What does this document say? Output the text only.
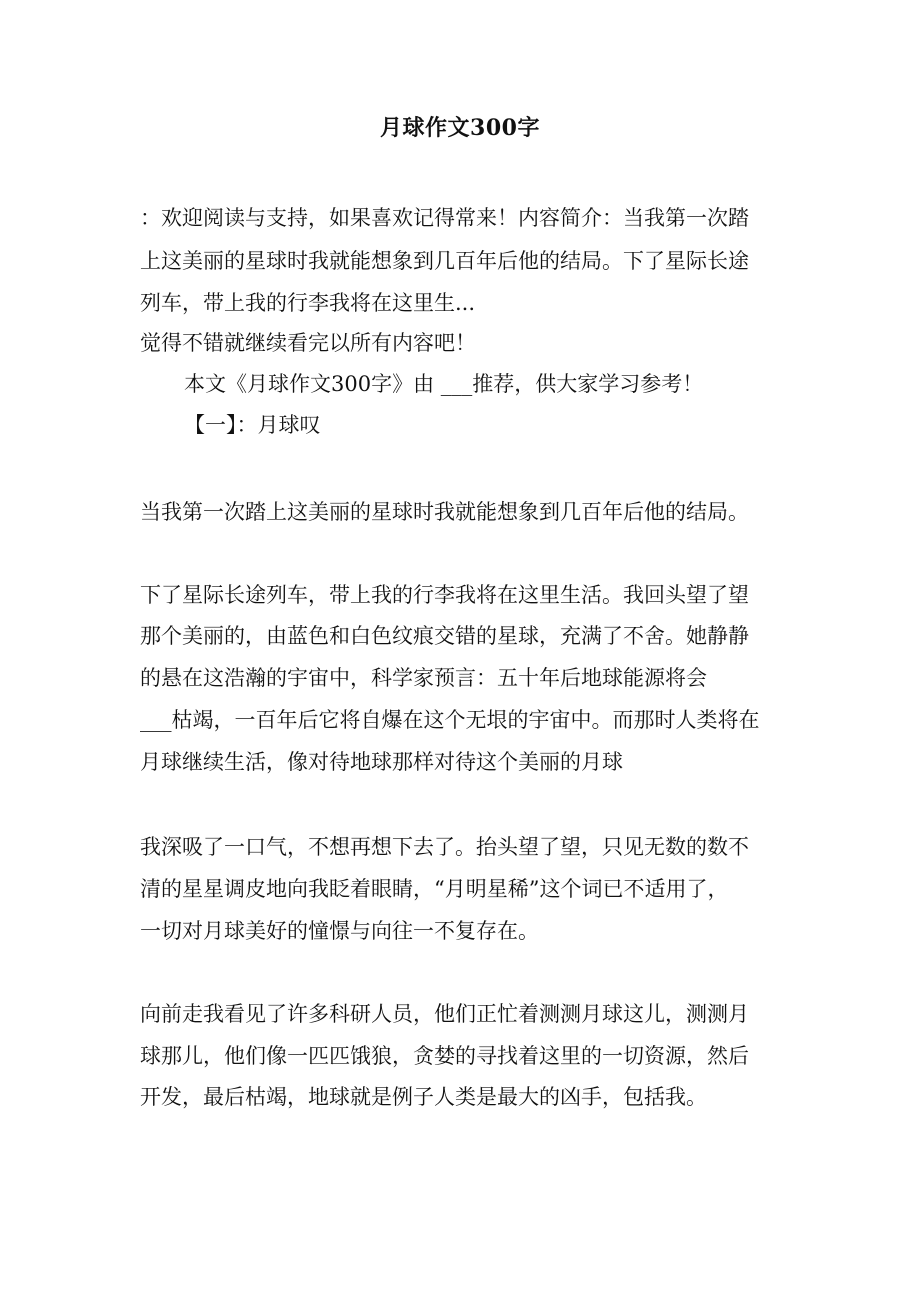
月球作文300字
：欢迎阅读与支持，如果喜欢记得常来！内容简介：当我第一次踏
上这美丽的星球时我就能想象到几百年后他的结局。下了星际长途
列车，带上我的行李我将在这里生...
觉得不错就继续看完以所有内容吧！
本文《月球作文300字》由 ___推荐，供大家学习参考！
【一】：月球叹
当我第一次踏上这美丽的星球时我就能想象到几百年后他的结局。
下了星际长途列车，带上我的行李我将在这里生活。我回头望了望
那个美丽的，由蓝色和白色纹痕交错的星球，充满了不舍。她静静
的悬在这浩瀚的宇宙中，科学家预言：五十年后地球能源将会
___枯竭，一百年后它将自爆在这个无垠的宇宙中。而那时人类将在
月球继续生活，像对待地球那样对待这个美丽的月球
我深吸了一口气，不想再想下去了。抬头望了望，只见无数的数不
清的星星调皮地向我眨着眼睛，“月明星稀”这个词已不适用了，
一切对月球美好的憧憬与向往一不复存在。
向前走我看见了许多科研人员，他们正忙着测测月球这儿，测测月
球那儿，他们像一匹匹饿狼，贪婪的寻找着这里的一切资源，然后
开发，最后枯竭，地球就是例子人类是最大的凶手，包括我。
